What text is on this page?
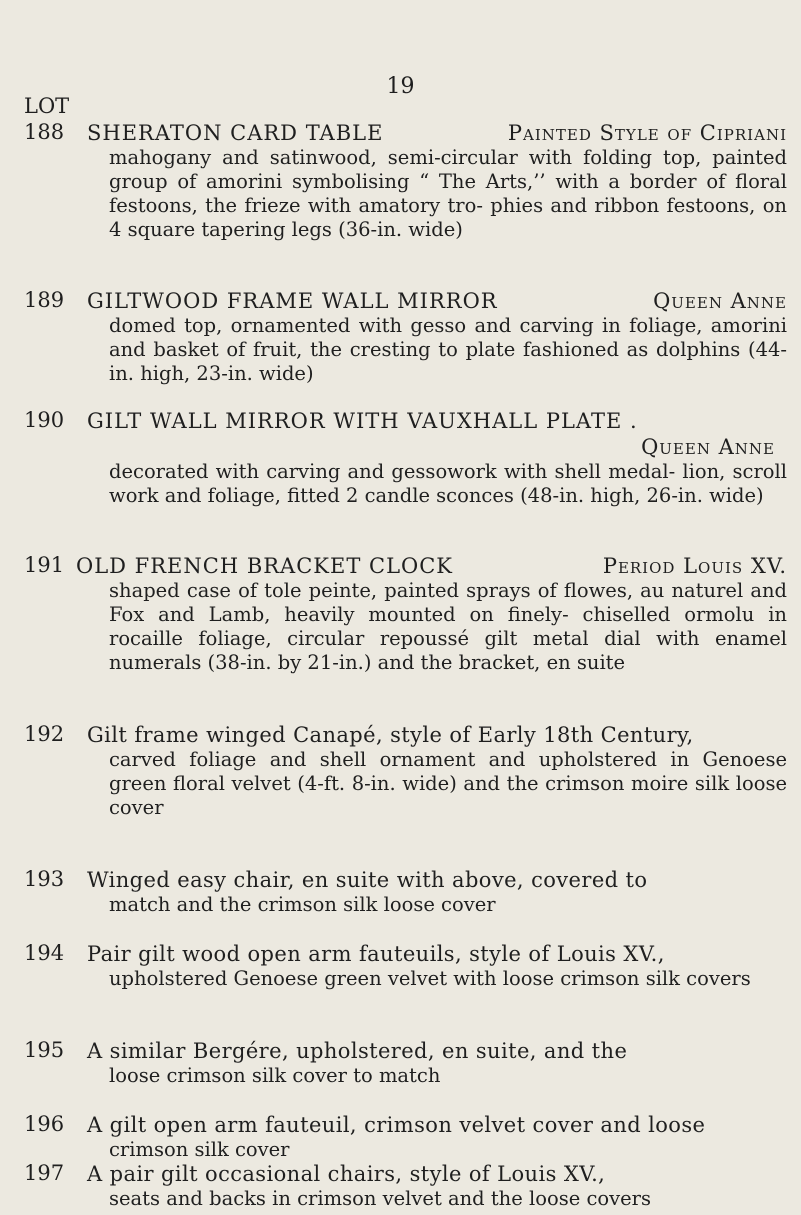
19
LOT
188 SHERATON CARD TABLE	Painted Style of Cipriani
mahogany and satinwood, semi-circular with folding top, painted group of amorini symbolising “ The Arts,’’ with a border of floral festoons, the frieze with amatory tro- phies and ribbon festoons, on 4 square tapering legs (36-in. wide)
189 GILTWOOD FRAME WALL MIRROR	Queen Anne
domed top, ornamented with gesso and carving in foliage, amorini and basket of fruit, the cresting to plate fashioned as dolphins (44-in. high, 23-in. wide)
190 GILT WALL MIRROR WITH VAUXHALL PLATE .
Queen Anne
decorated with carving and gessowork with shell medal- lion, scroll work and foliage, fitted 2 candle sconces (48-in. high, 26-in. wide)
191 OLD FRENCH BRACKET CLOCK	Period Louis XV.
shaped case of tole peinte, painted sprays of flowes, au naturel and Fox and Lamb, heavily mounted on finely- chiselled ormolu in rocaille foliage, circular repoussé gilt metal dial with enamel numerals (38-in. by 21-in.) and the bracket, en suite
192 Gilt frame winged Canapé, style of Early 18th Century,
carved foliage and shell ornament and upholstered in Genoese green floral velvet (4-ft. 8-in. wide) and the crimson moire silk loose cover
193 Winged easy chair, en suite with above, covered to
match and the crimson silk loose cover
194 Pair gilt wood open arm fauteuils, style of Louis XV.,
upholstered Genoese green velvet with loose crimson silk covers
195 A similar Bergére, upholstered, en suite, and the
loose crimson silk cover to match
196 A gilt open arm fauteuil, crimson velvet cover and loose
crimson silk cover
197 A pair gilt occasional chairs, style of Louis XV.,
seats and backs in crimson velvet and the loose covers
